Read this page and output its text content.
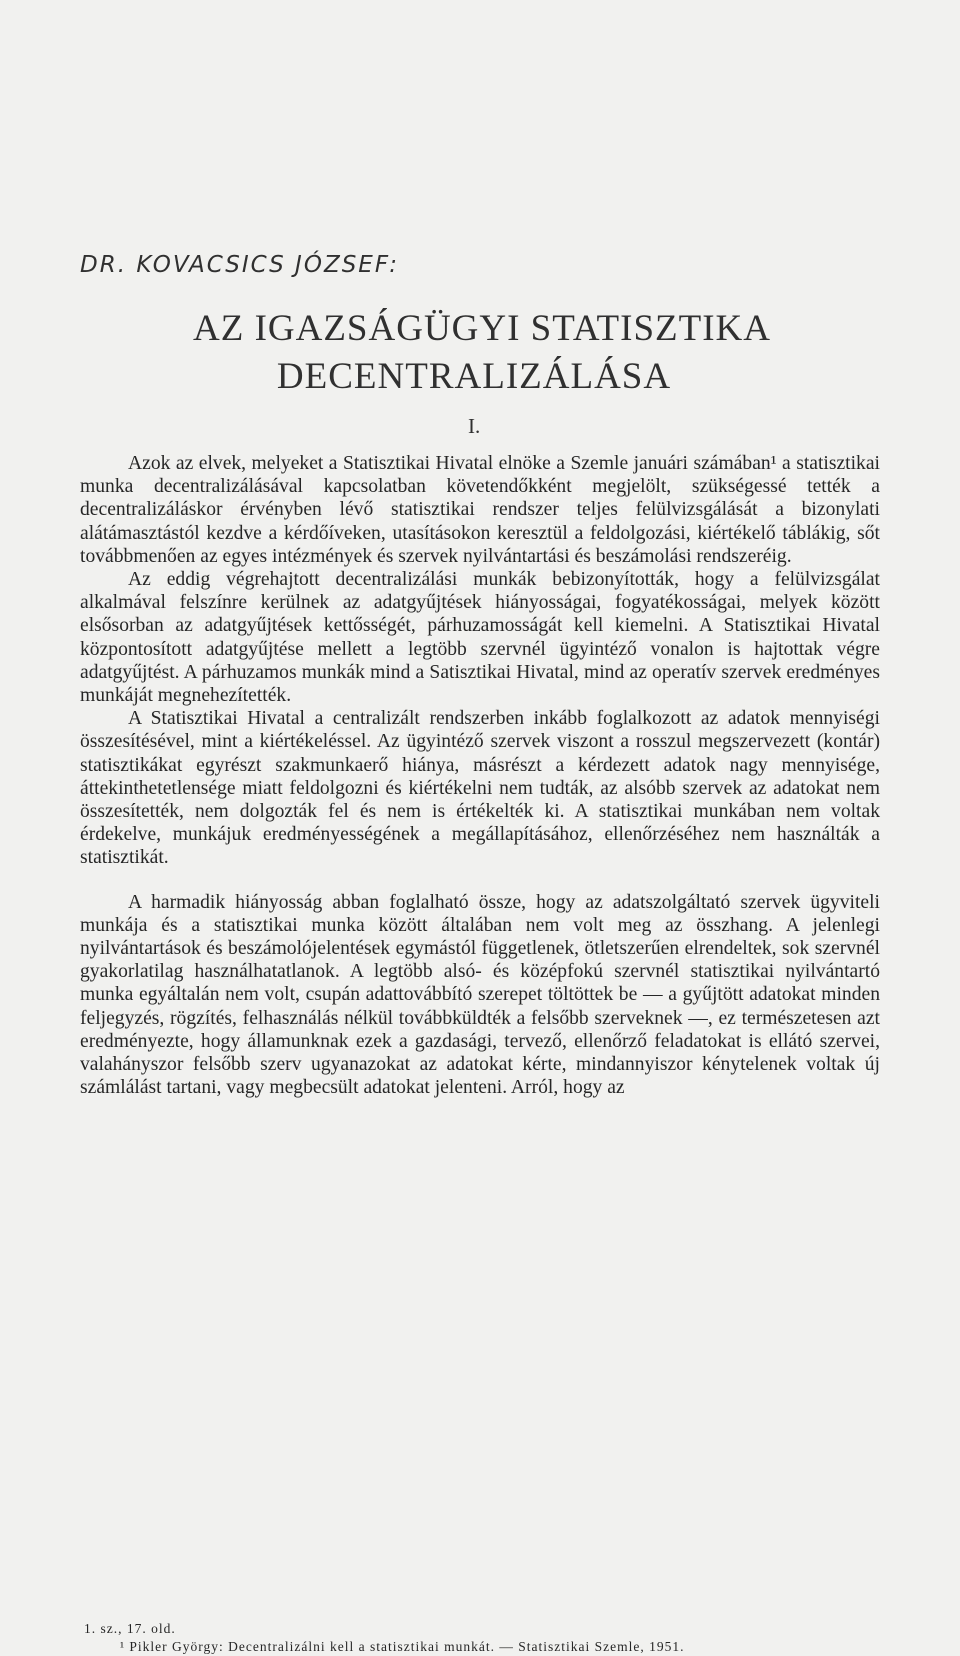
DR. KOVACSICS JÓZSEF:
AZ IGAZSÁGÜGYI STATISZTIKA
DECENTRALIZÁLÁSA
I.

Azok az elvek, melyeket a Statisztikai Hivatal elnöke a Szemle januári számában¹ a statisztikai munka decentralizálásával kapcsolatban követendőkként megjelölt, szükségessé tették a decentralizáláskor érvényben lévő statisztikai rendszer teljes felülvizsgálását a bizonylati alátámasztástól kezdve a kérdőíveken, utasításokon keresztül a feldolgozási, kiértékelő táblákig, sőt továbbmenően az egyes intézmények és szervek nyilvántartási és beszámolási rendszeréig.

Az eddig végrehajtott decentralizálási munkák bebizonyították, hogy a felülvizsgálat alkalmával felszínre kerülnek az adatgyűjtések hiányosságai, fogyatékosságai, melyek között elsősorban az adatgyűjtések kettősségét, párhuzamosságát kell kiemelni. A Statisztikai Hivatal központosított adatgyűjtése mellett a legtöbb szervnél ügyintéző vonalon is hajtottak végre adatgyűjtést. A párhuzamos munkák mind a Satisztikai Hivatal, mind az operatív szervek eredményes munkáját megnehezítették.

A Statisztikai Hivatal a centralizált rendszerben inkább foglalkozott az adatok mennyiségi összesítésével, mint a kiértékeléssel. Az ügyintéző szervek viszont a rosszul megszervezett (kontár) statisztikákat egyrészt szakmunkaerő hiánya, másrészt a kérdezett adatok nagy mennyisége, áttekinthetetlensége miatt feldolgozni és kiértékelni nem tudták, az alsóbb szervek az adatokat nem összesítették, nem dolgozták fel és nem is értékelték ki. A statisztikai munkában nem voltak érdekelve, munkájuk eredményességének a megállapításához, ellenőrzéséhez nem használták a statisztikát.

A harmadik hiányosság abban foglalható össze, hogy az adatszolgáltató szervek ügyviteli munkája és a statisztikai munka között általában nem volt meg az összhang. A jelenlegi nyilvántartások és beszámolójelentések egymástól függetlenek, ötletszerűen elrendeltek, sok szervnél gyakorlatilag használhatatlanok. A legtöbb alsó- és középfokú szervnél statisztikai nyilvántartó munka egyáltalán nem volt, csupán adattovábbító szerepet töltöttek be — a gyűjtött adatokat minden feljegyzés, rögzítés, felhasználás nélkül továbbküldték a felsőbb szerveknek —, ez természetesen azt eredményezte, hogy államunknak ezek a gazdasági, tervező, ellenőrző feladatokat is ellátó szervei, valahányszor felsőbb szerv ugyanazokat az adatokat kérte, mindannyiszor kénytelenek voltak új számlálást tartani, vagy megbecsült adatokat jelenteni. Arról, hogy az

1. sz., 17. old.
¹ Pikler György: Decentralizálni kell a statisztikai munkát. — Statisztikai Szemle, 1951.
